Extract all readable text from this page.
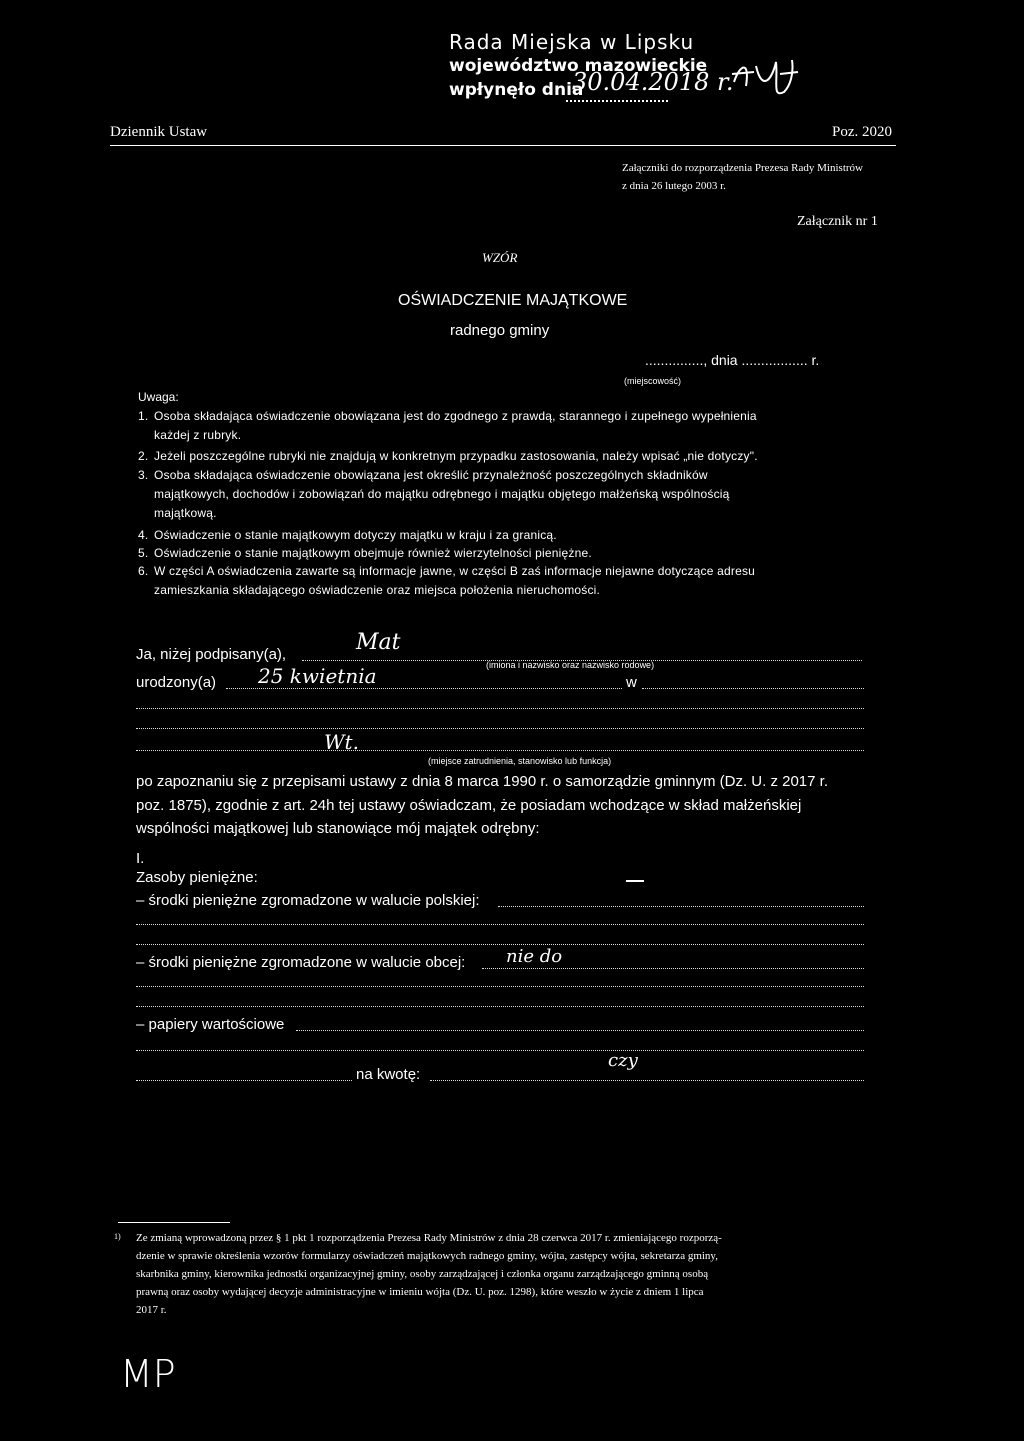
Rada Miejska w Lipsku
województwo mazowieckie
wpłynęło dnia
30.04.2018 r.
Dziennik Ustaw	Poz. 2020
Załączniki do rozporządzenia Prezesa Rady Ministrów
z dnia 26 lutego 2003 r.
Załącznik nr 1
WZÓR
OŚWIADCZENIE MAJĄTKOWE
radnego gminy
..............., dnia ................. r.
(miejscowość)
Uwaga:
1. Osoba składająca oświadczenie obowiązana jest do zgodnego z prawdą, starannego i zupełnego wypełnienia
każdej z rubryk.
2. Jeżeli poszczególne rubryki nie znajdują w konkretnym przypadku zastosowania, należy wpisać „nie dotyczy".
3. Osoba składająca oświadczenie obowiązana jest określić przynależność poszczególnych składników
majątkowych, dochodów i zobowiązań do majątku odrębnego i majątku objętego małżeńską wspólnością
majątkową.
4. Oświadczenie o stanie majątkowym dotyczy majątku w kraju i za granicą.
5. Oświadczenie o stanie majątkowym obejmuje również wierzytelności pieniężne.
6. W części A oświadczenia zawarte są informacje jawne, w części B zaś informacje niejawne dotyczące adresu
zamieszkania składającego oświadczenie oraz miejsca położenia nieruchomości.
Ja, niżej podpisany(a),	Mat
(imiona i nazwisko oraz nazwisko rodowe)
urodzony(a) 25 kwietnia	w
Wt.
(miejsce zatrudnienia, stanowisko lub funkcja)
po zapoznaniu się z przepisami ustawy z dnia 8 marca 1990 r. o samorządzie gminnym (Dz. U. z 2017 r.
poz. 1875), zgodnie z art. 24h tej ustawy oświadczam, że posiadam wchodzące w skład małżeńskiej
wspólności majątkowej lub stanowiące mój majątek odrębny:
I.
Zasoby pieniężne:
– środki pieniężne zgromadzone w walucie polskiej:
– środki pieniężne zgromadzone w walucie obcej: nie do
– papiery wartościowe
czy
na kwotę:
1) Ze zmianą wprowadzoną przez § 1 pkt 1 rozporządzenia Prezesa Rady Ministrów z dnia 28 czerwca 2017 r. zmieniającego rozporzą-
dzenie w sprawie określenia wzorów formularzy oświadczeń majątkowych radnego gminy, wójta, zastępcy wójta, sekretarza gminy,
skarbnika gminy, kierownika jednostki organizacyjnej gminy, osoby zarządzającej i członka organu zarządzającego gminną osobą
prawną oraz osoby wydającej decyzje administracyjne w imieniu wójta (Dz. U. poz. 1298), które weszło w życie z dniem 1 lipca
2017 r.
MP
